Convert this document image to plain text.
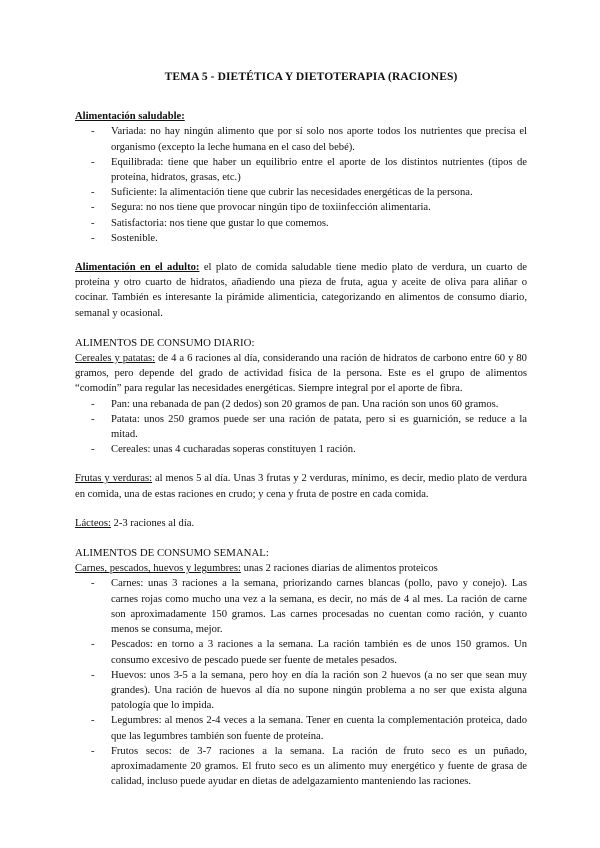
TEMA 5 - DIETÉTICA Y DIETOTERAPIA (RACIONES)

Alimentación saludable:

- Variada: no hay ningún alimento que por sí solo nos aporte todos los nutrientes que precisa el organismo (excepto la leche humana en el caso del bebé).
- Equilibrada: tiene que haber un equilibrio entre el aporte de los distintos nutrientes (tipos de proteína, hidratos, grasas, etc.)
- Suficiente: la alimentación tiene que cubrir las necesidades energéticas de la persona.
- Segura: no nos tiene que provocar ningún tipo de toxiinfección alimentaria.
- Satisfactoria: nos tiene que gustar lo que comemos.
- Sostenible.

Alimentación en el adulto: el plato de comida saludable tiene medio plato de verdura, un cuarto de proteína y otro cuarto de hidratos, añadiendo una pieza de fruta, agua y aceite de oliva para aliñar o cocinar. También es interesante la pirámide alimenticia, categorizando en alimentos de consumo diario, semanal y ocasional.

ALIMENTOS DE CONSUMO DIARIO:

Cereales y patatas: de 4 a 6 raciones al día, considerando una ración de hidratos de carbono entre 60 y 80 gramos, pero depende del grado de actividad física de la persona. Este es el grupo de alimentos “comodín” para regular las necesidades energéticas. Siempre integral por el aporte de fibra.

- Pan: una rebanada de pan (2 dedos) son 20 gramos de pan. Una ración son unos 60 gramos.
- Patata: unos 250 gramos puede ser una ración de patata, pero si es guarnición, se reduce a la mitad.
- Cereales: unas 4 cucharadas soperas constituyen 1 ración.

Frutas y verduras: al menos 5 al día. Unas 3 frutas y 2 verduras, mínimo, es decir, medio plato de verdura en comida, una de estas raciones en crudo; y cena y fruta de postre en cada comida.

Lácteos: 2-3 raciones al día.

ALIMENTOS DE CONSUMO SEMANAL:

Carnes, pescados, huevos y legumbres: unas 2 raciones diarias de alimentos proteicos

- Carnes: unas 3 raciones a la semana, priorizando carnes blancas (pollo, pavo y conejo). Las carnes rojas como mucho una vez a la semana, es decir, no más de 4 al mes. La ración de carne son aproximadamente 150 gramos. Las carnes procesadas no cuentan como ración, y cuanto menos se consuma, mejor.
- Pescados: en torno a 3 raciones a la semana. La ración también es de unos 150 gramos. Un consumo excesivo de pescado puede ser fuente de metales pesados.
- Huevos: unos 3-5 a la semana, pero hoy en día la ración son 2 huevos (a no ser que sean muy grandes). Una ración de huevos al día no supone ningún problema a no ser que exista alguna patología que lo impida.
- Legumbres: al menos 2-4 veces a la semana. Tener en cuenta la complementación proteica, dado que las legumbres también son fuente de proteína.
- Frutos secos: de 3-7 raciones a la semana. La ración de fruto seco es un puñado, aproximadamente 20 gramos. El fruto seco es un alimento muy energético y fuente de grasa de calidad, incluso puede ayudar en dietas de adelgazamiento manteniendo las raciones.
